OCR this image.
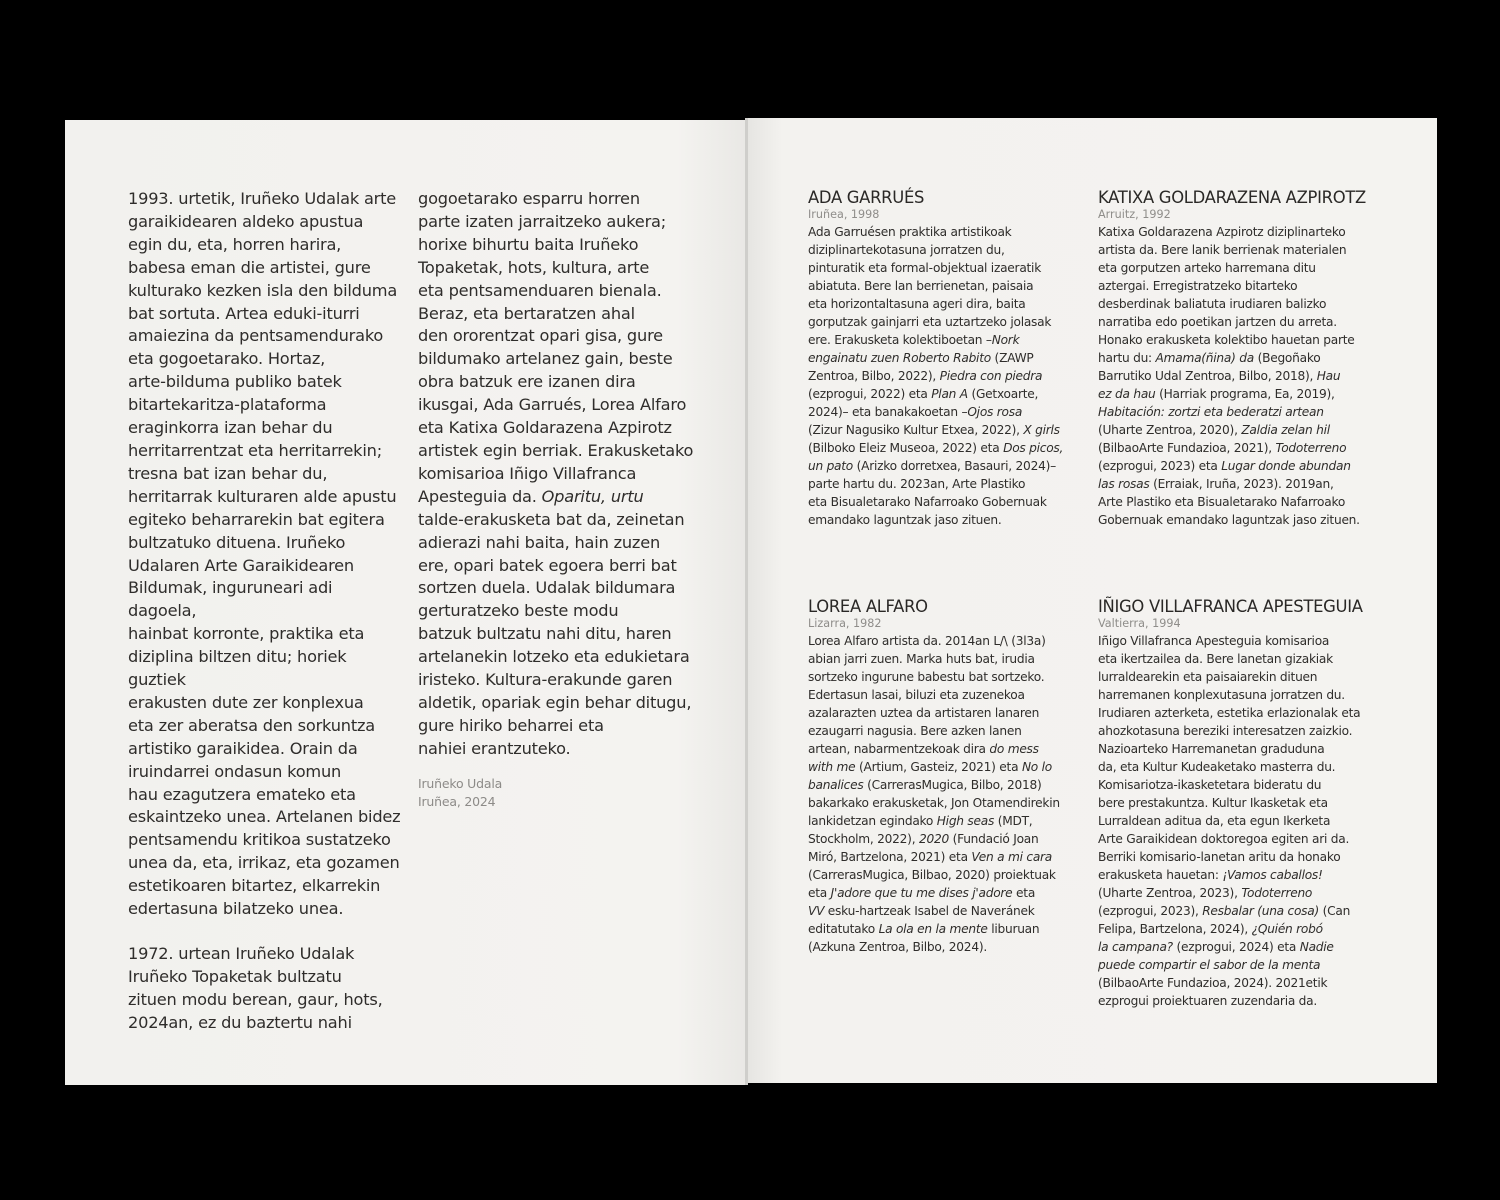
1993. urtetik, Iruñeko Udalak arte
garaikidearen aldeko apustua
egin du, eta, horren harira,
babesa eman die artistei, gure
kulturako kezken isla den bilduma
bat sortuta. Artea eduki-iturri
amaiezina da pentsamendurako
eta gogoetarako. Hortaz,
arte-bilduma publiko batek
bitartekaritza-plataforma
eraginkorra izan behar du
herritarrentzat eta herritarrekin;
tresna bat izan behar du,
herritarrak kulturaren alde apustu
egiteko beharrarekin bat egitera
bultzatuko dituena. Iruñeko
Udalaren Arte Garaikidearen
Bildumak, inguruneari adi dagoela,
hainbat korronte, praktika eta
diziplina biltzen ditu; horiek guztiek
erakusten dute zer konplexua
eta zer aberatsa den sorkuntza
artistiko garaikidea. Orain da
iruindarrei ondasun komun
hau ezagutzera emateko eta
eskaintzeko unea. Artelanen bidez
pentsamendu kritikoa sustatzeko
unea da, eta, irrikaz, eta gozamen
estetikoaren bitartez, elkarrekin
edertasuna bilatzeko unea.

1972. urtean Iruñeko Udalak
Iruñeko Topaketak bultzatu
zituen modu berean, gaur, hots,
2024an, ez du baztertu nahi

gogoetarako esparru horren
parte izaten jarraitzeko aukera;
horixe bihurtu baita Iruñeko
Topaketak, hots, kultura, arte
eta pentsamenduaren bienala.
Beraz, eta bertaratzen ahal
den ororentzat opari gisa, gure
bildumako artelanez gain, beste
obra batzuk ere izanen dira
ikusgai, Ada Garrués, Lorea Alfaro
eta Katixa Goldarazena Azpirotz
artistek egin berriak. Erakusketako
komisarioa Iñigo Villafranca
Apesteguia da. Oparitu, urtu
talde-erakusketa bat da, zeinetan
adierazi nahi baita, hain zuzen
ere, opari batek egoera berri bat
sortzen duela. Udalak bildumara
gerturatzeko beste modu
batzuk bultzatu nahi ditu, haren
artelanekin lotzeko eta edukietara
iristeko. Kultura-erakunde garen
aldetik, opariak egin behar ditugu,
gure hiriko beharrei eta
nahiei erantzuteko.

Iruñeko Udala

Iruñea, 2024

ADA GARRUÉS

Iruñea, 1998

Ada Garruésen praktika artistikoak
diziplinartekotasuna jorratzen du,
pinturatik eta formal-objektual izaeratik
abiatuta. Bere lan berrienetan, paisaia
eta horizontaltasuna ageri dira, baita
gorputzak gainjarri eta uztartzeko jolasak
ere. Erakusketa kolektiboetan –Nork
engainatu zuen Roberto Rabito (ZAWP
Zentroa, Bilbo, 2022), Piedra con piedra
(ezprogui, 2022) eta Plan A (Getxoarte,
2024)– eta banakakoetan –Ojos rosa
(Zizur Nagusiko Kultur Etxea, 2022), X girls
(Bilboko Eleiz Museoa, 2022) eta Dos picos,
un pato (Arizko dorretxea, Basauri, 2024)–
parte hartu du. 2023an, Arte Plastiko
eta Bisualetarako Nafarroako Gobernuak
emandako laguntzak jaso zituen.

KATIXA GOLDARAZENA AZPIROTZ

Arruitz, 1992

Katixa Goldarazena Azpirotz diziplinarteko
artista da. Bere lanik berrienak materialen
eta gorputzen arteko harremana ditu
aztergai. Erregistratzeko bitarteko
desberdinak baliatuta irudiaren balizko
narratiba edo poetikan jartzen du arreta.
Honako erakusketa kolektibo hauetan parte
hartu du: Amama(ñina) da (Begoñako
Barrutiko Udal Zentroa, Bilbo, 2018), Hau
ez da hau (Harriak programa, Ea, 2019),
Habitación: zortzi eta bederatzi artean
(Uharte Zentroa, 2020), Zaldia zelan hil
(BilbaoArte Fundazioa, 2021), Todoterreno
(ezprogui, 2023) eta Lugar donde abundan
las rosas (Erraiak, Iruña, 2023). 2019an,
Arte Plastiko eta Bisualetarako Nafarroako
Gobernuak emandako laguntzak jaso zituen.

LOREA ALFARO

Lizarra, 1982

Lorea Alfaro artista da. 2014an L/\ (3l3a)
abian jarri zuen. Marka huts bat, irudia
sortzeko ingurune babestu bat sortzeko.
Edertasun lasai, biluzi eta zuzenekoa
azalarazten uztea da artistaren lanaren
ezaugarri nagusia. Bere azken lanen
artean, nabarmentzekoak dira do mess
with me (Artium, Gasteiz, 2021) eta No lo
banalices (CarrerasMugica, Bilbo, 2018)
bakarkako erakusketak, Jon Otamendirekin
lankidetzan egindako High seas (MDT,
Stockholm, 2022), 2020 (Fundació Joan
Miró, Bartzelona, 2021) eta Ven a mi cara
(CarrerasMugica, Bilbao, 2020) proiektuak
eta J'adore que tu me dises j'adore eta
VV esku-hartzeak Isabel de Naveránek
editatutako La ola en la mente liburuan
(Azkuna Zentroa, Bilbo, 2024).

IÑIGO VILLAFRANCA APESTEGUIA

Valtierra, 1994

Iñigo Villafranca Apesteguia komisarioa
eta ikertzailea da. Bere lanetan gizakiak
lurraldearekin eta paisaiarekin dituen
harremanen konplexutasuna jorratzen du.
Irudiaren azterketa, estetika erlazionalak eta
ahozkotasuna bereziki interesatzen zaizkio.
Nazioarteko Harremanetan graduduna
da, eta Kultur Kudeaketako masterra du.
Komisariotza-ikasketetara bideratu du
bere prestakuntza. Kultur Ikasketak eta
Lurraldean aditua da, eta egun Ikerketa
Arte Garaikidean doktoregoa egiten ari da.
Berriki komisario-lanetan aritu da honako
erakusketa hauetan: ¡Vamos caballos!
(Uharte Zentroa, 2023), Todoterreno
(ezprogui, 2023), Resbalar (una cosa) (Can
Felipa, Bartzelona, 2024), ¿Quién robó
la campana? (ezprogui, 2024) eta Nadie
puede compartir el sabor de la menta
(BilbaoArte Fundazioa, 2024). 2021etik
ezprogui proiektuaren zuzendaria da.
